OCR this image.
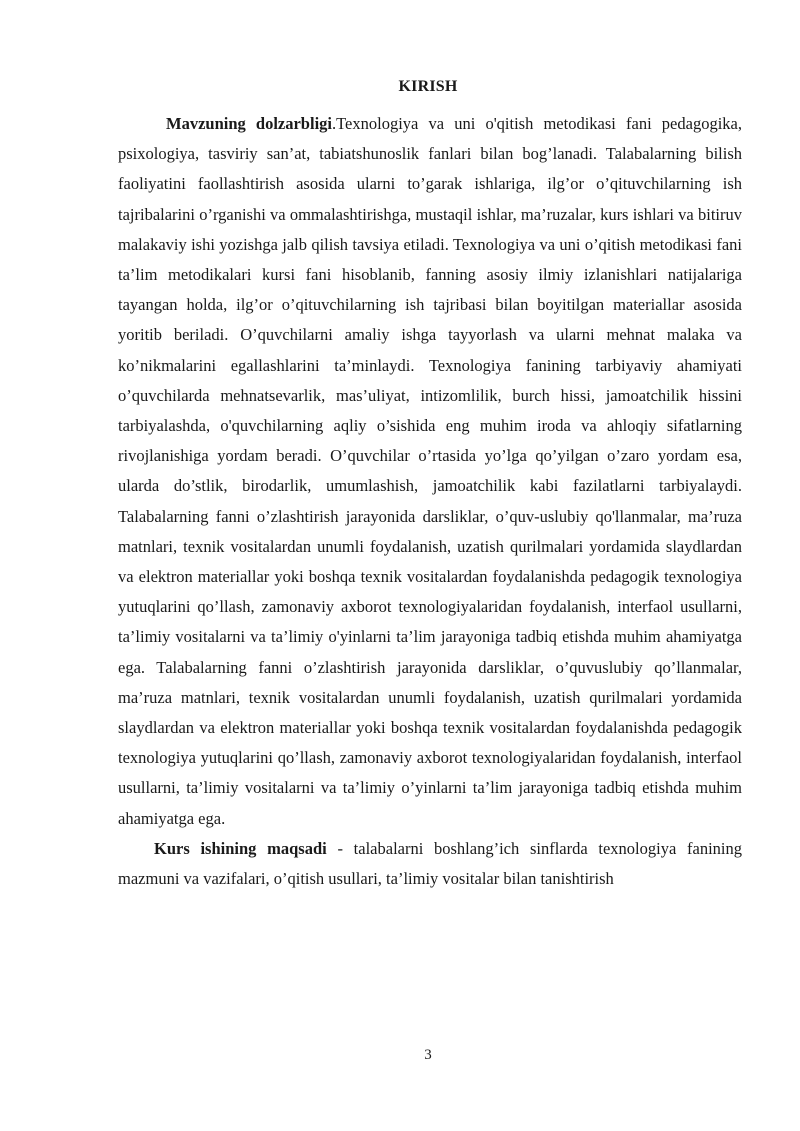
KIRISH

Mavzuning dolzarbligi.Texnologiya va uni o'qitish metodikasi fani pedagogika, psixologiya, tasviriy san’at, tabiatshunoslik fanlari bilan bog’lanadi. Talabalarning bilish faoliyatini faollashtirish asosida ularni to’garak ishlariga, ilg’or o’qituvchilarning ish tajribalarini o’rganishi va ommalashtirishga, mustaqil ishlar, ma’ruzalar, kurs ishlari va bitiruv malakaviy ishi yozishga jalb qilish tavsiya etiladi. Texnologiya va uni o’qitish metodikasi fani ta’lim metodikalari kursi fani hisoblanib, fanning asosiy ilmiy izlanishlari natijalariga tayangan holda, ilg’or o’qituvchilarning ish tajribasi bilan boyitilgan materiallar asosida yoritib beriladi. O’quvchilarni amaliy ishga tayyorlash va ularni mehnat malaka va ko’nikmalarini egallashlarini ta’minlaydi. Texnologiya fanining tarbiyaviy ahamiyati o’quvchilarda mehnatsevarlik, mas’uliyat, intizomlilik, burch hissi, jamoatchilik hissini tarbiyalashda, o'quvchilarning aqliy o’sishida eng muhim iroda va ahloqiy sifatlarning rivojlanishiga yordam beradi. O’quvchilar o’rtasida yo’lga qo’yilgan o’zaro yordam esa, ularda do’stlik, birodarlik, umumlashish, jamoatchilik kabi fazilatlarni tarbiyalaydi. Talabalarning fanni o’zlashtirish jarayonida darsliklar, o’quv-uslubiy qo'llanmalar, ma’ruza matnlari, texnik vositalardan unumli foydalanish, uzatish qurilmalari yordamida slaydlardan va elektron materiallar yoki boshqa texnik vositalardan foydalanishda pedagogik texnologiya yutuqlarini qo’llash, zamonaviy axborot texnologiyalaridan foydalanish, interfaol usullarni, ta’limiy vositalarni va ta’limiy o'yinlarni ta’lim jarayoniga tadbiq etishda muhim ahamiyatga ega. Talabalarning fanni o’zlashtirish jarayonida darsliklar, o’quvuslubiy qo’llanmalar, ma’ruza matnlari, texnik vositalardan unumli foydalanish, uzatish qurilmalari yordamida slaydlardan va elektron materiallar yoki boshqa texnik vositalardan foydalanishda pedagogik texnologiya yutuqlarini qo’llash, zamonaviy axborot texnologiyalaridan foydalanish, interfaol usullarni, ta’limiy vositalarni va ta’limiy o’yinlarni ta’lim jarayoniga tadbiq etishda muhim ahamiyatga ega.

Kurs ishining maqsadi - talabalarni boshlang’ich sinflarda texnologiya fanining mazmuni va vazifalari, o’qitish usullari, ta’limiy vositalar bilan tanishtirish

3
